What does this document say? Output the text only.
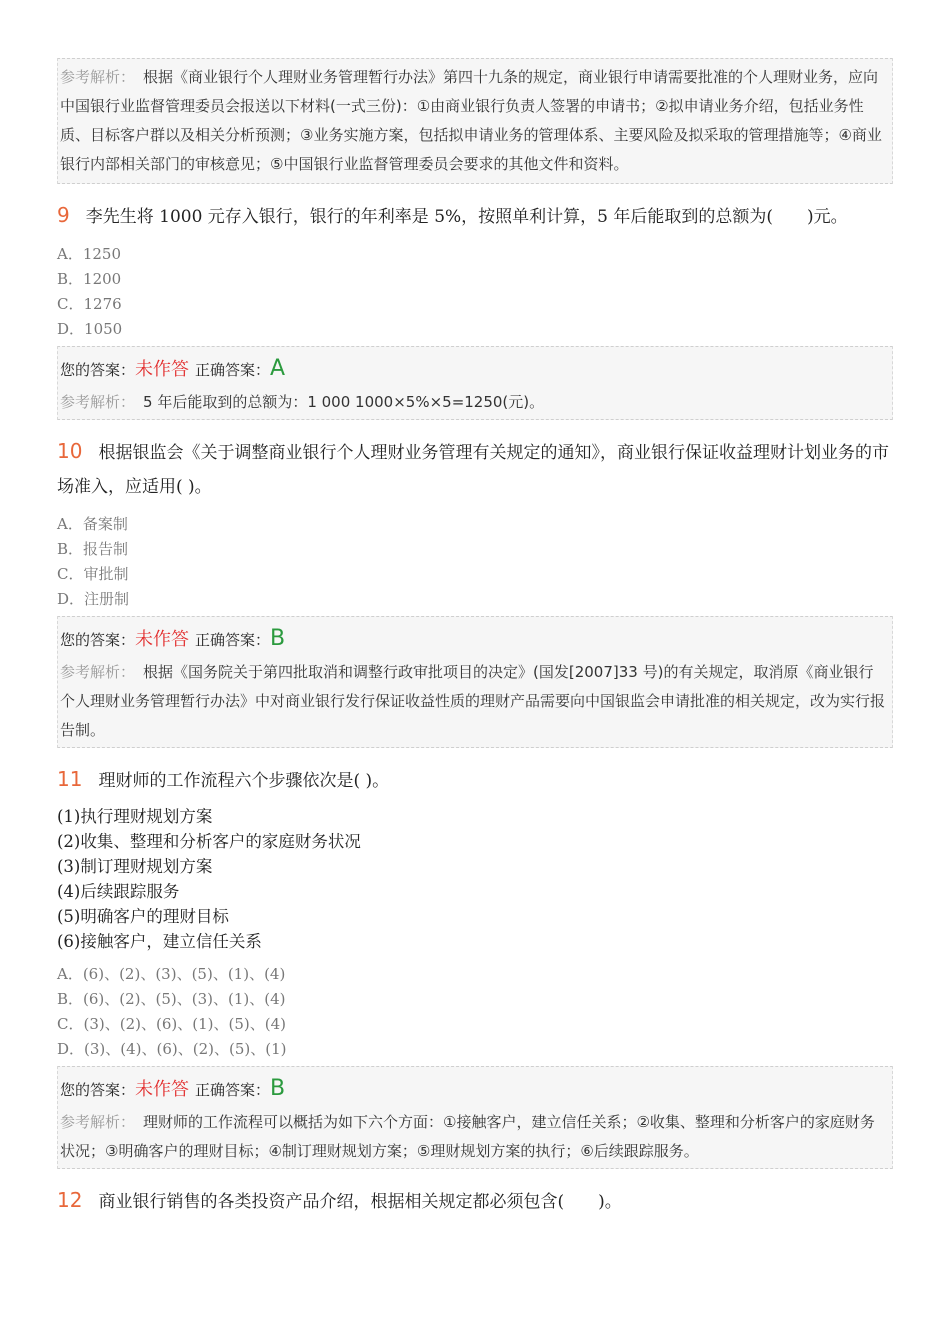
参考解析： 根据《商业银行个人理财业务管理暂行办法》第四十九条的规定，商业银行申请需要批准的个人理财业务，应向中国银行业监督管理委员会报送以下材料(一式三份)：①由商业银行负责人签署的申请书；②拟申请业务介绍，包括业务性质、目标客户群以及相关分析预测；③业务实施方案，包括拟申请业务的管理体系、主要风险及拟采取的管理措施等；④商业银行内部相关部门的审核意见；⑤中国银行业监督管理委员会要求的其他文件和资料。
9 李先生将 1000 元存入银行，银行的年利率是 5%，按照单利计算，5 年后能取到的总额为(　　)元。
A．1250
B．1200
C．1276
D．1050
您的答案：未作答 正确答案：A
参考解析： 5 年后能取到的总额为：1 000 1000×5%×5=1250(元)。
10 根据银监会《关于调整商业银行个人理财业务管理有关规定的通知》，商业银行保证收益理财计划业务的市场准入，应适用( )。
A．备案制
B．报告制
C．审批制
D．注册制
您的答案：未作答 正确答案：B
参考解析： 根据《国务院关于第四批取消和调整行政审批项目的决定》(国发[2007]33 号)的有关规定，取消原《商业银行个人理财业务管理暂行办法》中对商业银行发行保证收益性质的理财产品需要向中国银监会申请批准的相关规定，改为实行报告制。
11 理财师的工作流程六个步骤依次是( )。
(1)执行理财规划方案
(2)收集、整理和分析客户的家庭财务状况
(3)制订理财规划方案
(4)后续跟踪服务
(5)明确客户的理财目标
(6)接触客户，建立信任关系
A．(6)、(2)、(3)、(5)、(1)、(4)
B．(6)、(2)、(5)、(3)、(1)、(4)
C．(3)、(2)、(6)、(1)、(5)、(4)
D．(3)、(4)、(6)、(2)、(5)、(1)
您的答案：未作答 正确答案：B
参考解析： 理财师的工作流程可以概括为如下六个方面：①接触客户，建立信任关系；②收集、整理和分析客户的家庭财务状况；③明确客户的理财目标；④制订理财规划方案；⑤理财规划方案的执行；⑥后续跟踪服务。
12 商业银行销售的各类投资产品介绍，根据相关规定都必须包含(　　)。
